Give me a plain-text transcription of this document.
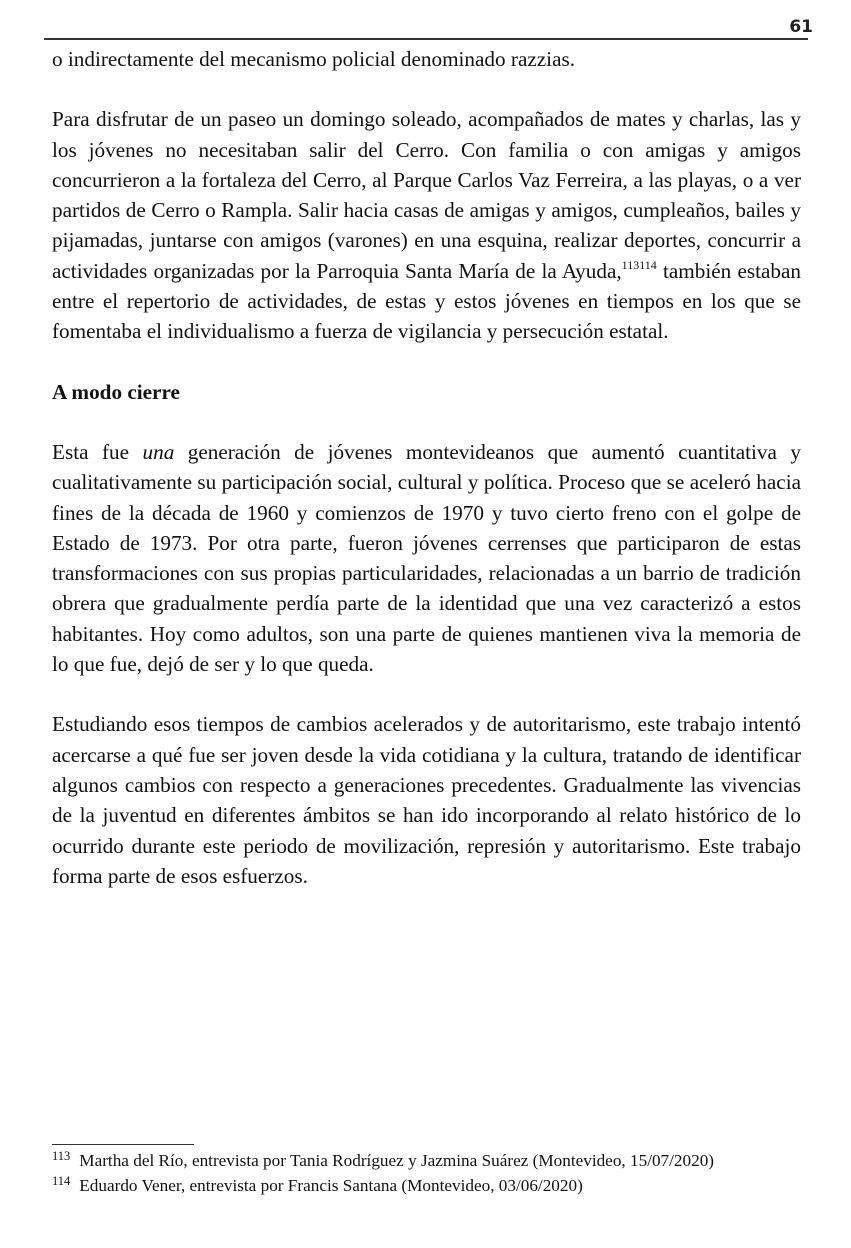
61

o indirectamente del mecanismo policial denominado razzias.

Para disfrutar de un paseo un domingo soleado, acompañados de mates y charlas, las y los jóvenes no necesitaban salir del Cerro. Con familia o con amigas y amigos concurrieron a la fortaleza del Cerro, al Parque Carlos Vaz Ferreira, a las playas, o a ver partidos de Cerro o Rampla. Salir hacia casas de amigas y amigos, cumpleaños, bailes y pijamadas, juntarse con amigos (varones) en una esquina, realizar deportes, concurrir a actividades organizadas por la Parroquia Santa María de la Ayuda,$^{113114}$ también estaban entre el repertorio de actividades, de estas y estos jóvenes en tiempos en los que se fomentaba el individualismo a fuerza de vigilancia y persecución estatal.

A modo cierre

Esta fue una generación de jóvenes montevideanos que aumentó cuantitativa y cualitativamente su participación social, cultural y política. Proceso que se aceleró hacia fines de la década de 1960 y comienzos de 1970 y tuvo cierto freno con el golpe de Estado de 1973. Por otra parte, fueron jóvenes cerrenses que participaron de estas transformaciones con sus propias particularidades, relacionadas a un barrio de tradición obrera que gradualmente perdía parte de la identidad que una vez caracterizó a estos habitantes. Hoy como adultos, son una parte de quienes mantienen viva la memoria de lo que fue, dejó de ser y lo que queda.

Estudiando esos tiempos de cambios acelerados y de autoritarismo, este trabajo intentó acercarse a qué fue ser joven desde la vida cotidiana y la cultura, tratando de identificar algunos cambios con respecto a generaciones precedentes. Gradualmente las vivencias de la juventud en diferentes ámbitos se han ido incorporando al relato histórico de lo ocurrido durante este periodo de movilización, represión y autoritarismo. Este trabajo forma parte de esos esfuerzos.

$^{113}$ Martha del Río, entrevista por Tania Rodríguez y Jazmina Suárez (Montevideo, 15/07/2020)

$^{114}$ Eduardo Vener, entrevista por Francis Santana (Montevideo, 03/06/2020)
